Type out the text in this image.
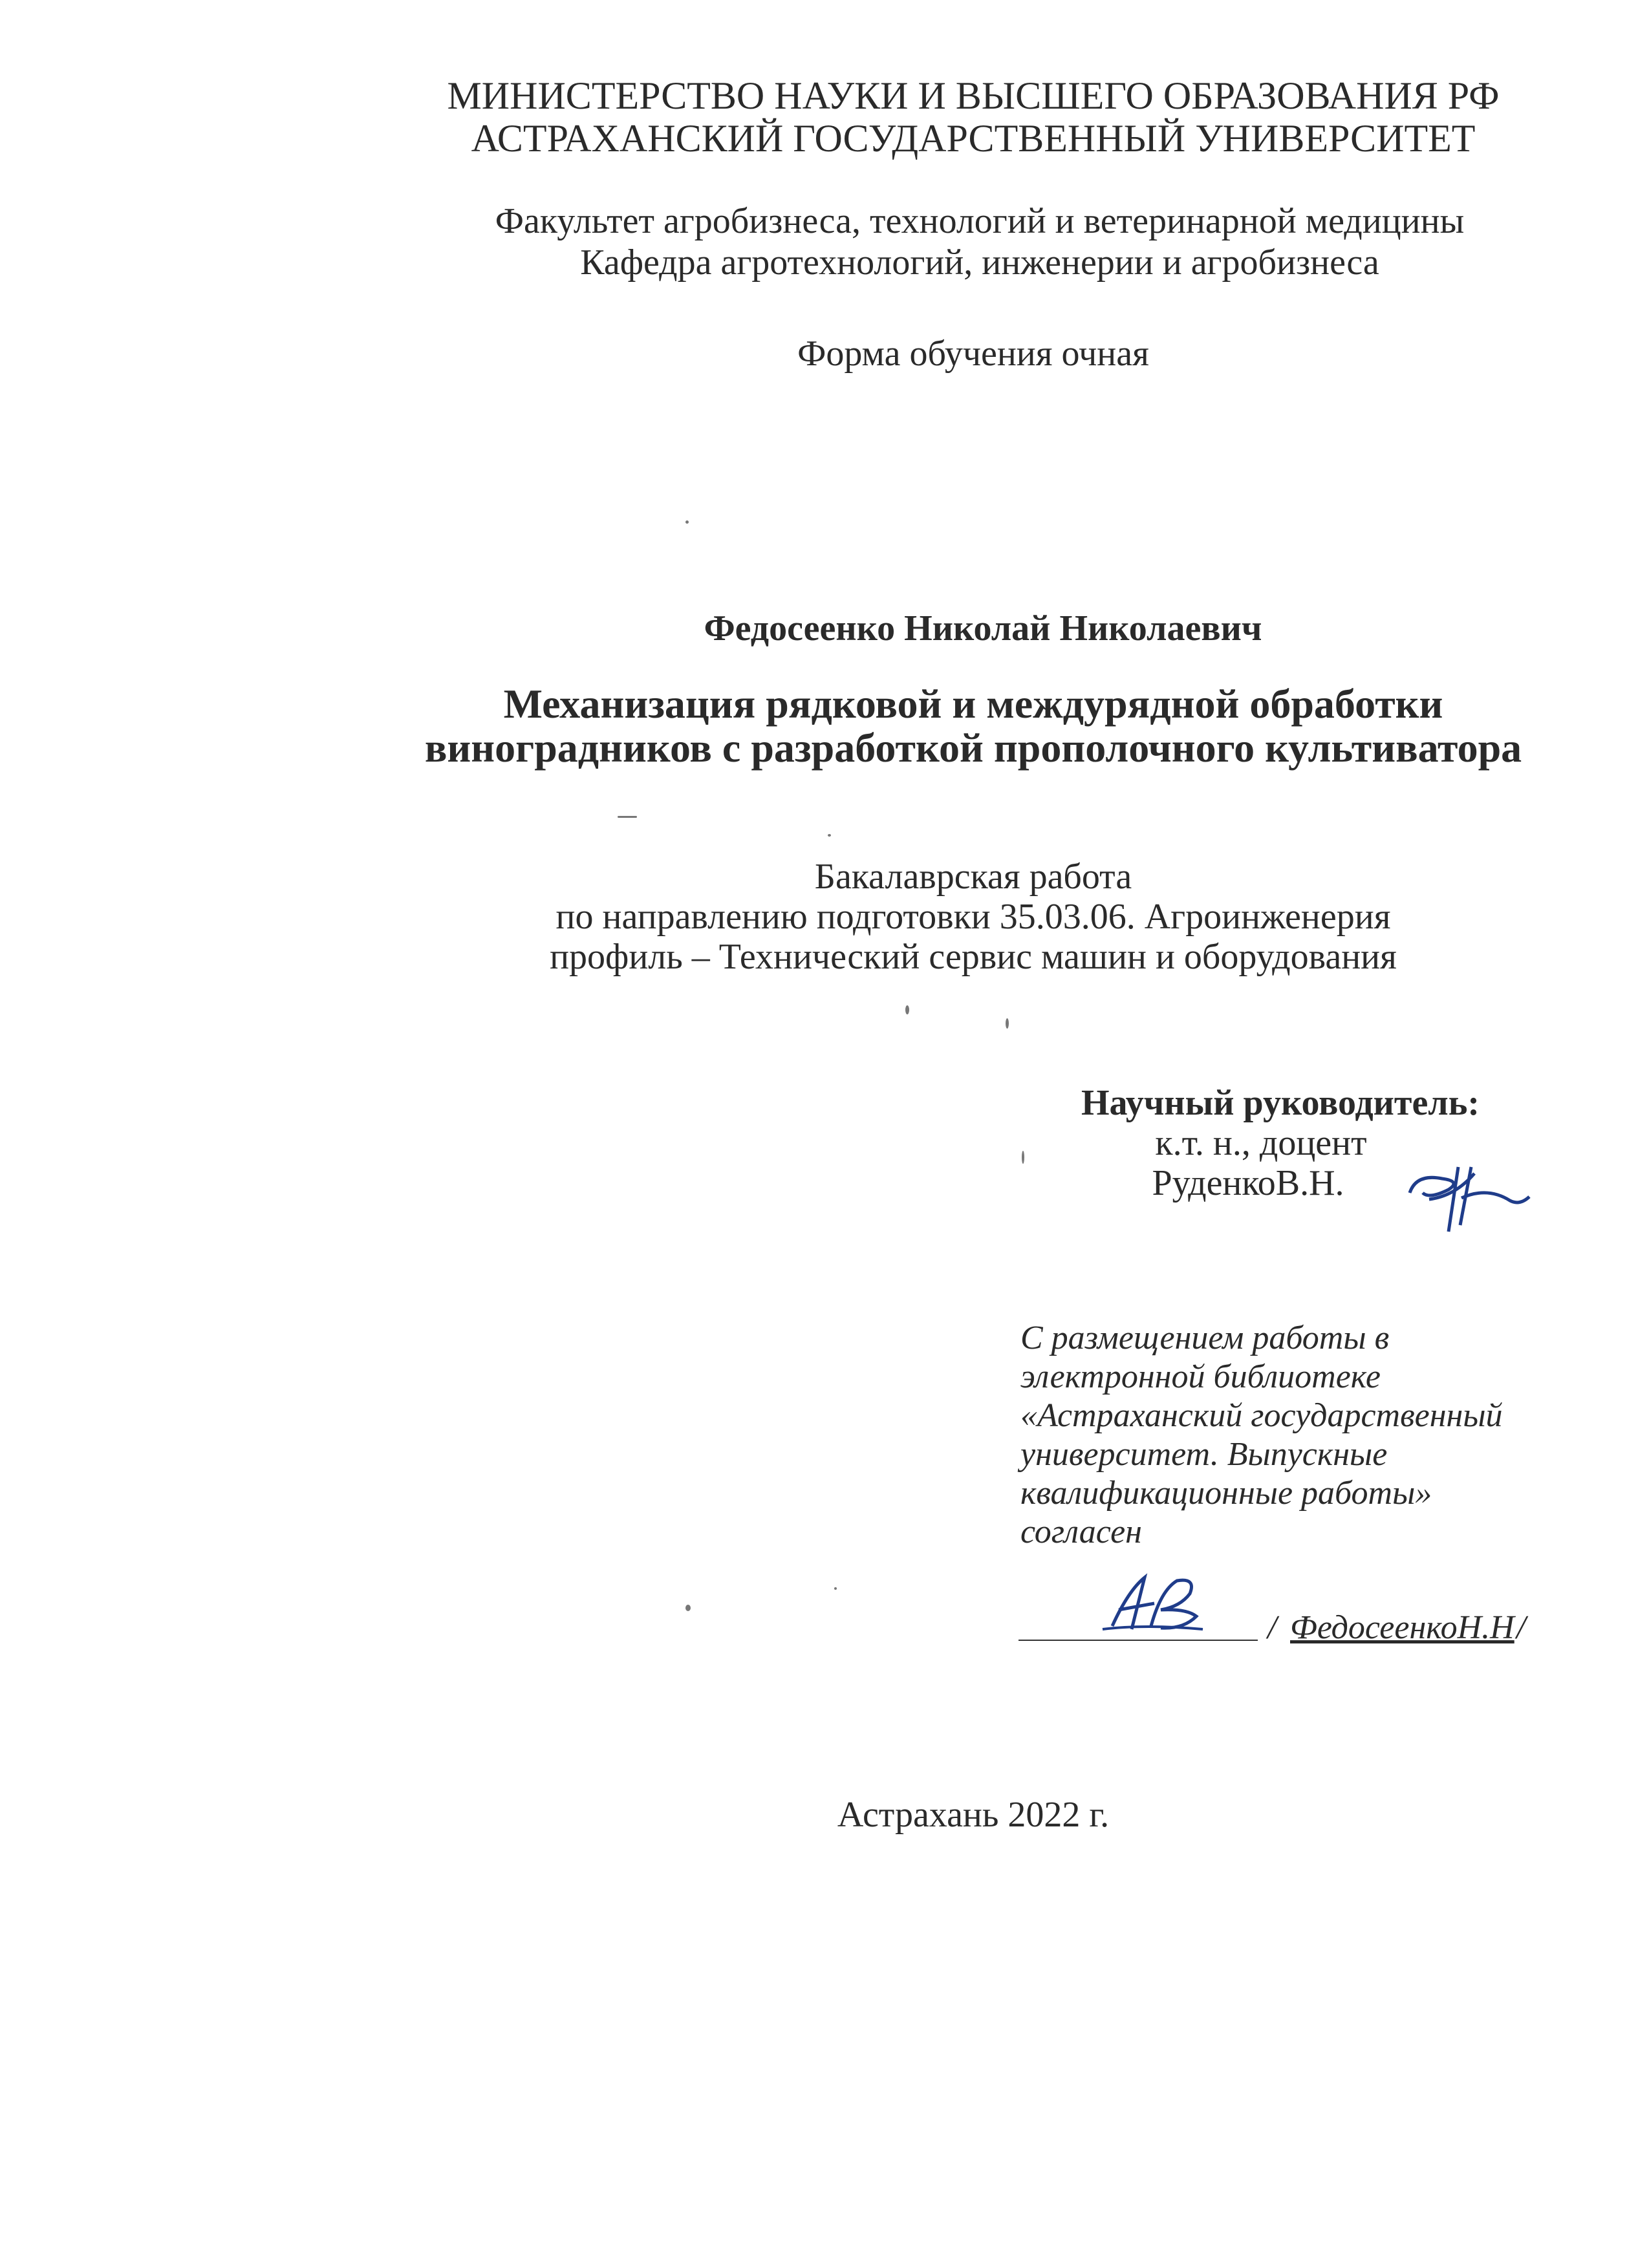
МИНИСТЕРСТВО НАУКИ И ВЫСШЕГО ОБРАЗОВАНИЯ РФ
АСТРАХАНСКИЙ ГОСУДАРСТВЕННЫЙ УНИВЕРСИТЕТ
Факультет агробизнеса, технологий и ветеринарной медицины
Кафедра агротехнологий, инженерии и агробизнеса
Форма обучения очная
Федосеенко Николай Николаевич
Механизация рядковой и междурядной обработки
виноградников с разработкой прополочного культиватора
Бакалаврская работа
по направлению подготовки 35.03.06. Агроинженерия
профиль – Технический сервис машин и оборудования
Научный руководитель:
к.т. н., доцент
РуденкоВ.Н.
С размещением работы в
электронной библиотеке
«Астраханский государственный
университет. Выпускные
квалификационные работы»
согласен
/ ФедосеенкоН.Н /
Астрахань 2022 г.
